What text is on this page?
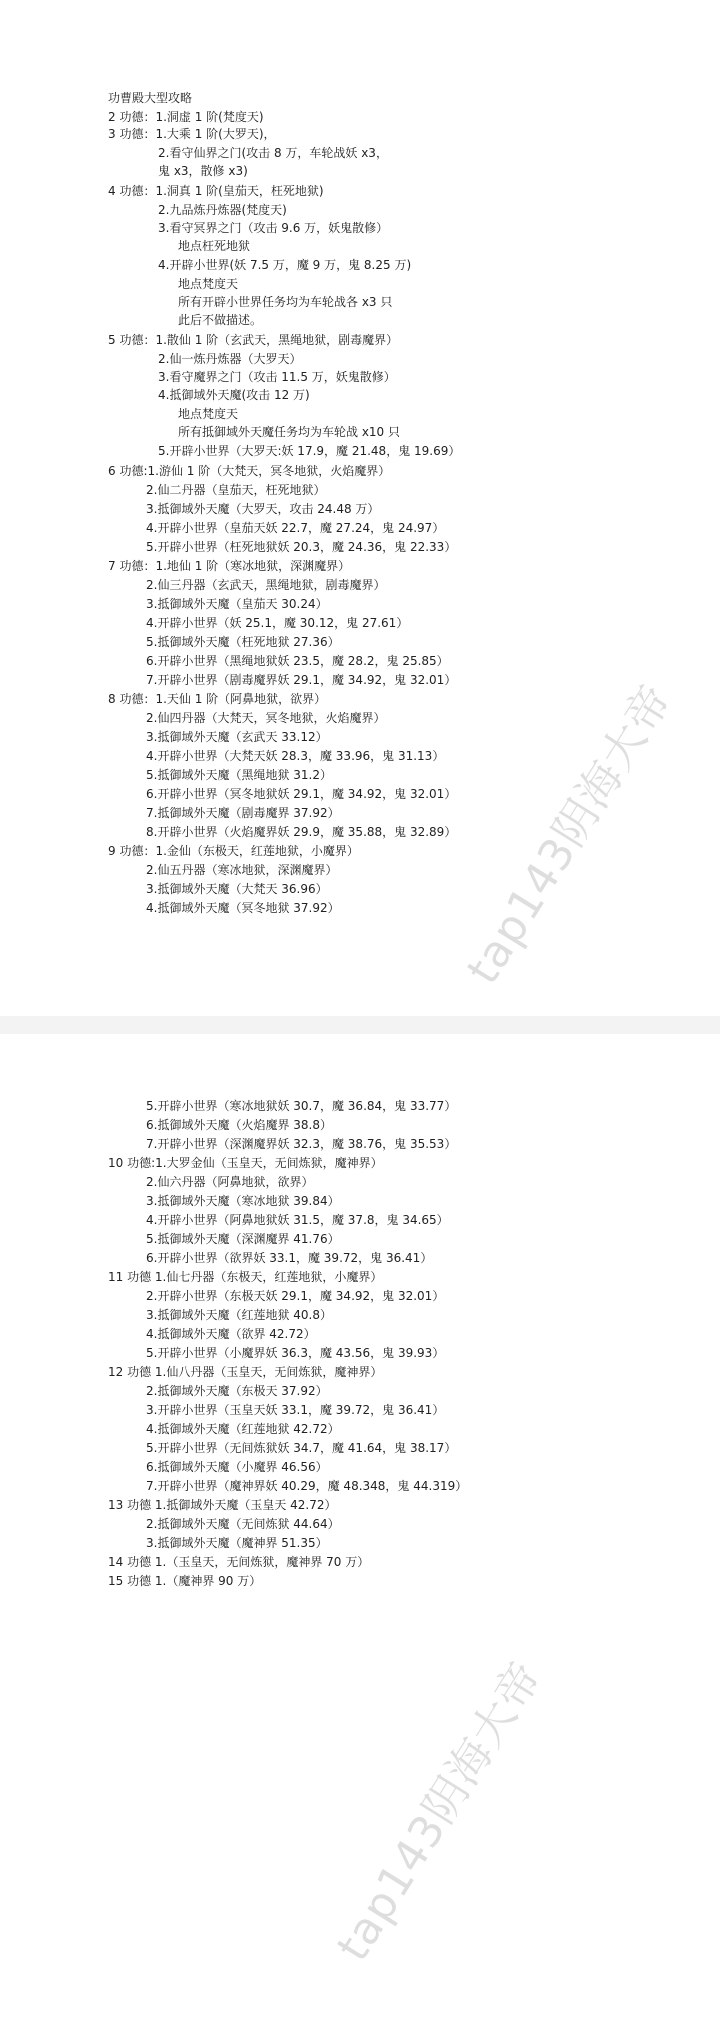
功曹殿大型攻略
2 功德：1.洞虚 1 阶(梵度天)
3 功德：1.大乘 1 阶(大罗天)，
2.看守仙界之门(攻击 8 万，车轮战妖 x3，
鬼 x3，散修 x3)
4 功德：1.洞真 1 阶(皇茄天，枉死地狱)
2.九品炼丹炼器(梵度天)
3.看守冥界之门（攻击 9.6 万，妖鬼散修）
地点枉死地狱
4.开辟小世界(妖 7.5 万，魔 9 万，鬼 8.25 万)
地点梵度天
所有开辟小世界任务均为车轮战各 x3 只
此后不做描述。
5 功德：1.散仙 1 阶（玄武天，黑绳地狱，剧毒魔界）
2.仙一炼丹炼器（大罗天）
3.看守魔界之门（攻击 11.5 万，妖鬼散修）
4.抵御域外天魔(攻击 12 万)
地点梵度天
所有抵御域外天魔任务均为车轮战 x10 只
5.开辟小世界（大罗天:妖 17.9，魔 21.48，鬼 19.69）
6 功德:1.游仙 1 阶（大梵天，冥冬地狱，火焰魔界）
2.仙二丹器（皇茄天，枉死地狱）
3.抵御域外天魔（大罗天，攻击 24.48 万）
4.开辟小世界（皇茄天妖 22.7，魔 27.24，鬼 24.97）
5.开辟小世界（枉死地狱妖 20.3，魔 24.36，鬼 22.33）
7 功德：1.地仙 1 阶（寒冰地狱，深渊魔界）
2.仙三丹器（玄武天，黑绳地狱，剧毒魔界）
3.抵御域外天魔（皇茄天 30.24）
4.开辟小世界（妖 25.1，魔 30.12，鬼 27.61）
5.抵御域外天魔（枉死地狱 27.36）
6.开辟小世界（黑绳地狱妖 23.5，魔 28.2，鬼 25.85）
7.开辟小世界（剧毒魔界妖 29.1，魔 34.92，鬼 32.01）
8 功德：1.天仙 1 阶（阿鼻地狱，欲界）
2.仙四丹器（大梵天，冥冬地狱，火焰魔界）
3.抵御域外天魔（玄武天 33.12）
4.开辟小世界（大梵天妖 28.3，魔 33.96，鬼 31.13）
5.抵御域外天魔（黑绳地狱 31.2）
6.开辟小世界（冥冬地狱妖 29.1，魔 34.92，鬼 32.01）
7.抵御域外天魔（剧毒魔界 37.92）
8.开辟小世界（火焰魔界妖 29.9，魔 35.88，鬼 32.89）
9 功德：1.金仙（东极天，红莲地狱，小魔界）
2.仙五丹器（寒冰地狱，深渊魔界）
3.抵御域外天魔（大梵天 36.96）
4.抵御域外天魔（冥冬地狱 37.92）	tap143阴海大帝
5.开辟小世界（寒冰地狱妖 30.7，魔 36.84，鬼 33.77）
6.抵御域外天魔（火焰魔界 38.8）
7.开辟小世界（深渊魔界妖 32.3，魔 38.76，鬼 35.53）
10 功德:1.大罗金仙（玉皇天，无间炼狱，魔神界）
2.仙六丹器（阿鼻地狱，欲界）
3.抵御域外天魔（寒冰地狱 39.84）
4.开辟小世界（阿鼻地狱妖 31.5，魔 37.8，鬼 34.65）
5.抵御域外天魔（深渊魔界 41.76）
6.开辟小世界（欲界妖 33.1，魔 39.72，鬼 36.41）
11 功德 1.仙七丹器（东极天，红莲地狱，小魔界）
2.开辟小世界（东极天妖 29.1，魔 34.92，鬼 32.01）
3.抵御域外天魔（红莲地狱 40.8）
4.抵御域外天魔（欲界 42.72）
5.开辟小世界（小魔界妖 36.3，魔 43.56，鬼 39.93）
12 功德 1.仙八丹器（玉皇天，无间炼狱，魔神界）
2.抵御域外天魔（东极天 37.92）
3.开辟小世界（玉皇天妖 33.1，魔 39.72，鬼 36.41）
4.抵御域外天魔（红莲地狱 42.72）
5.开辟小世界（无间炼狱妖 34.7，魔 41.64，鬼 38.17）
6.抵御域外天魔（小魔界 46.56）
7.开辟小世界（魔神界妖 40.29，魔 48.348，鬼 44.319）
13 功德 1.抵御域外天魔（玉皇天 42.72）
2.抵御域外天魔（无间炼狱 44.64）
3.抵御域外天魔（魔神界 51.35）
14 功德 1.（玉皇天，无间炼狱，魔神界 70 万）
15 功德 1.（魔神界 90 万）
tap143阴海大帝
